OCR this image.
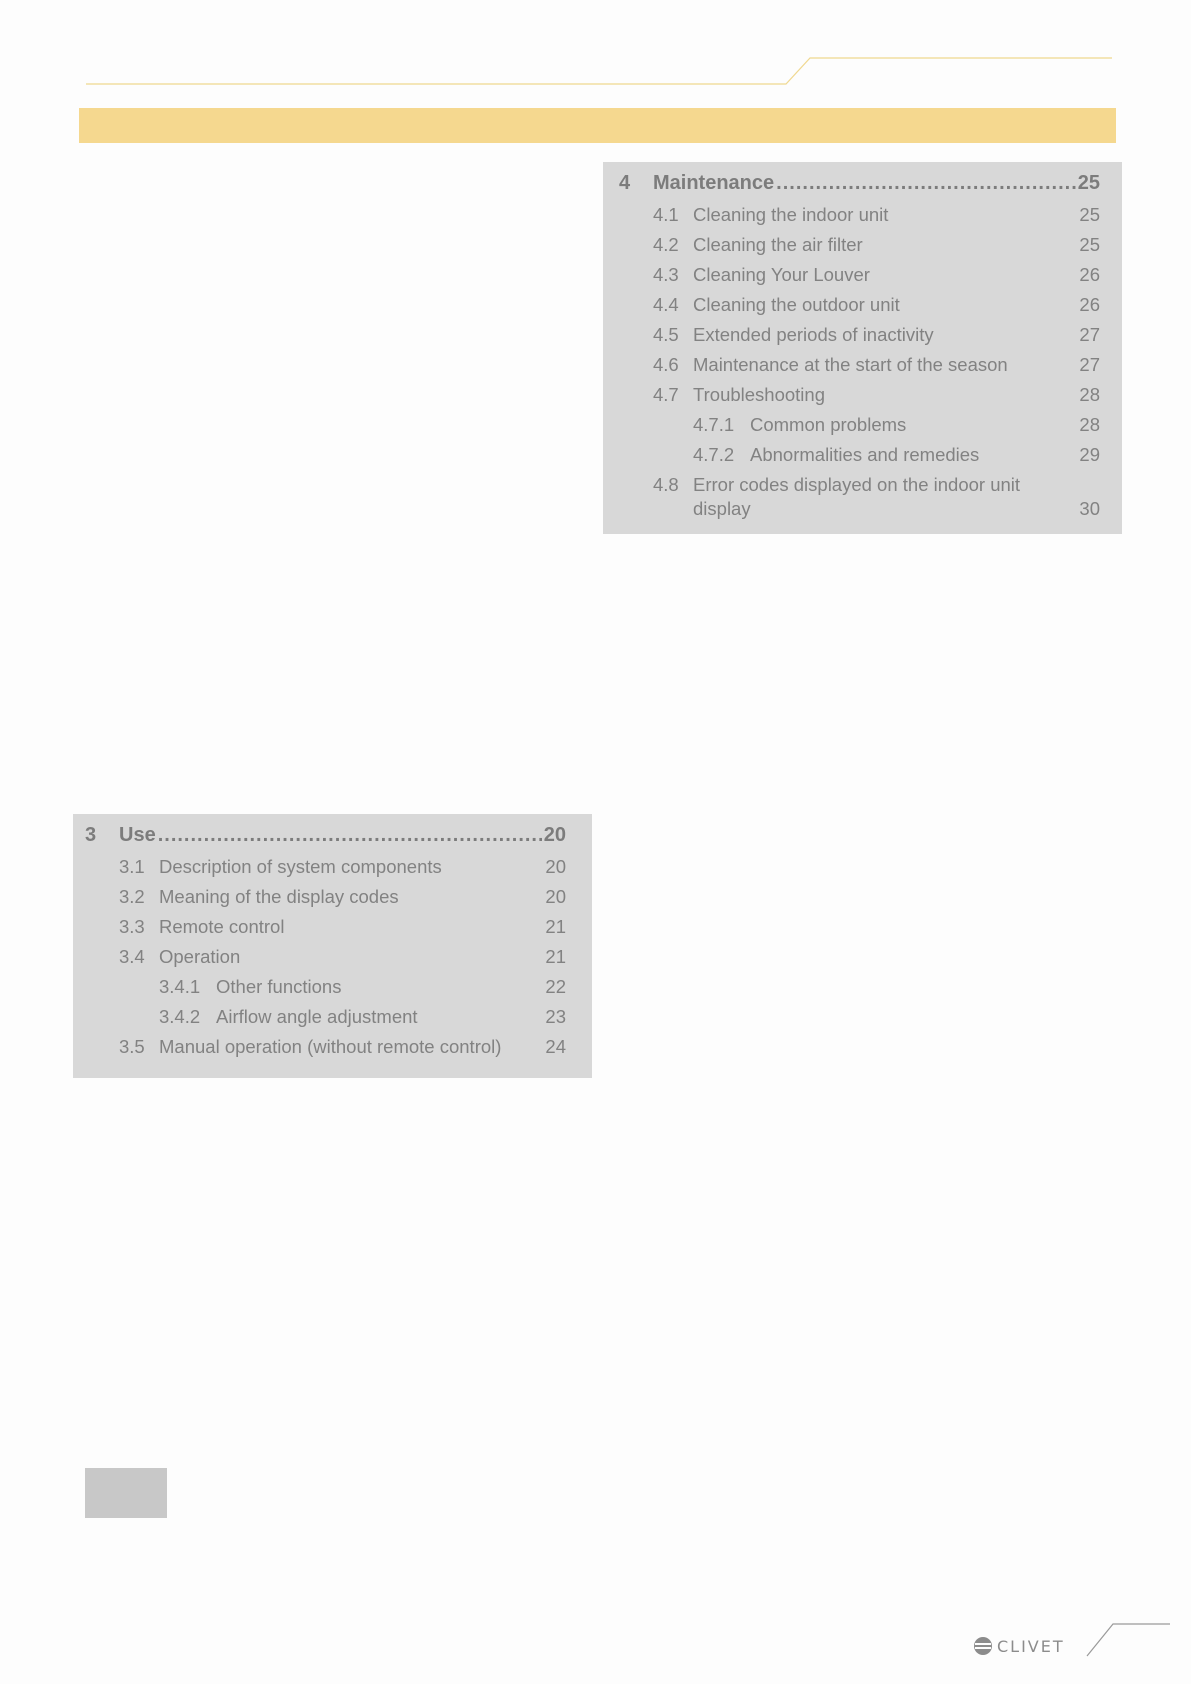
4	Maintenance .....	25
4.1 Cleaning the indoor unit	25
4.2 Cleaning the air filter	25
4.3 Cleaning Your Louver	26
4.4 Cleaning the outdoor unit	26
4.5 Extended periods of inactivity	27
4.6 Maintenance at the start of the season	27
4.7 Troubleshooting	28
4.7.1 Common problems	28
4.7.2 Abnormalities and remedies	29
4.8 Error codes displayed on the indoor unit display	30
3	Use .....	20
3.1 Description of system components	20
3.2 Meaning of the display codes	20
3.3 Remote control	21
3.4 Operation	21
3.4.1 Other functions	22
3.4.2 Airflow angle adjustment	23
3.5 Manual operation (without remote control)	24
CLIVET
